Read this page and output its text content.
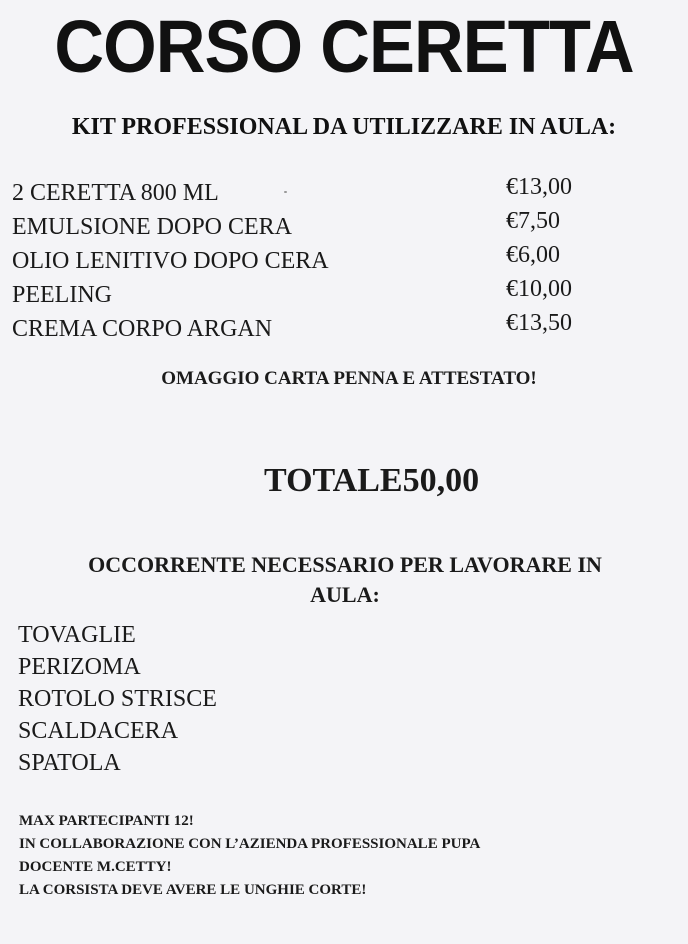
CORSO CERETTA
KIT PROFESSIONAL DA UTILIZZARE IN AULA:
2 CERETTA 800 ML	€13,00
EMULSIONE DOPO CERA	€7,50
OLIO LENITIVO DOPO CERA	€6,00
PEELING	€10,00
CREMA CORPO ARGAN	€13,50
OMAGGIO CARTA PENNA E ATTESTATO!
TOTALE50,00
OCCORRENTE NECESSARIO PER LAVORARE IN
AULA:
TOVAGLIE
PERIZOMA
ROTOLO STRISCE
SCALDACERA
SPATOLA
MAX PARTECIPANTI 12!
IN COLLABORAZIONE CON L’AZIENDA PROFESSIONALE PUPA
DOCENTE M.CETTY!
LA CORSISTA DEVE AVERE LE UNGHIE CORTE!
